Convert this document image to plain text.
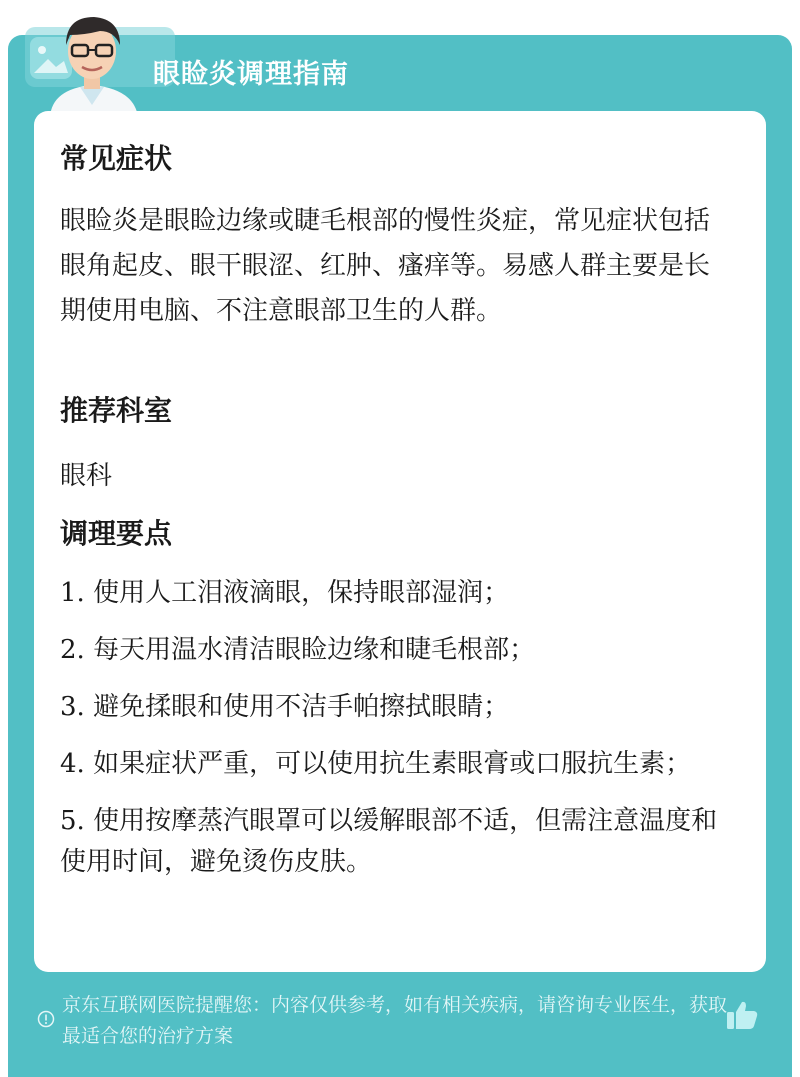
眼睑炎调理指南
常见症状

眼睑炎是眼睑边缘或睫毛根部的慢性炎症，常见症状包括眼角起皮、眼干眼涩、红肿、瘙痒等。易感人群主要是长期使用电脑、不注意眼部卫生的人群。

推荐科室

眼科

调理要点
1. 使用人工泪液滴眼，保持眼部湿润；
2. 每天用温水清洁眼睑边缘和睫毛根部；
3. 避免揉眼和使用不洁手帕擦拭眼睛；
4. 如果症状严重，可以使用抗生素眼膏或口服抗生素；
5. 使用按摩蒸汽眼罩可以缓解眼部不适，但需注意温度和使用时间，避免烫伤皮肤。
京东互联网医院提醒您：内容仅供参考，如有相关疾病，请咨询专业医生，获取最适合您的治疗方案
